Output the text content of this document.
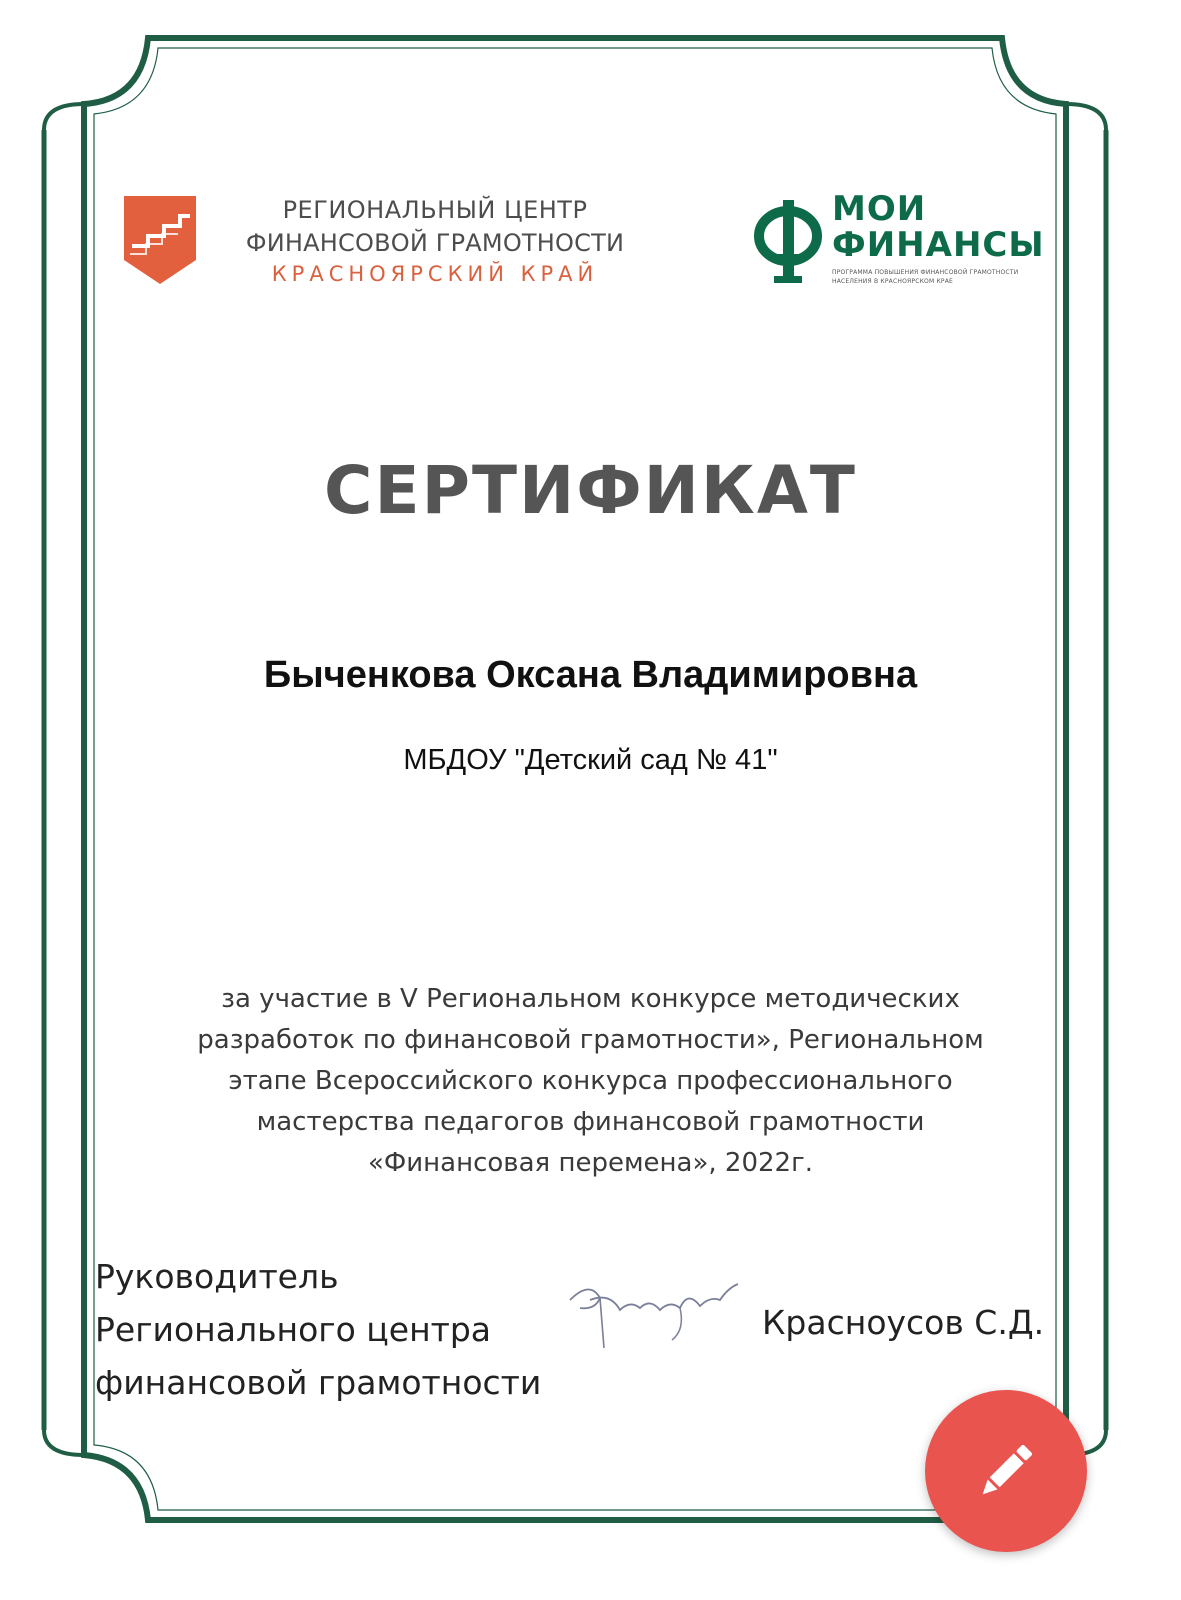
РЕГИОНАЛЬНЫЙ ЦЕНТР
ФИНАНСОВОЙ ГРАМОТНОСТИ
КРАСНОЯРСКИЙ КРАЙ
МОИ
ФИНАНСЫ
ПРОГРАММА ПОВЫШЕНИЯ ФИНАНСОВОЙ ГРАМОТНОСТИ
НАСЕЛЕНИЯ В КРАСНОЯРСКОМ КРАЕ
СЕРТИФИКАТ
Быченкова Оксана Владимировна
МБДОУ "Детский сад № 41"
за участие в V Региональном конкурсе методических
разработок по финансовой грамотности», Региональном
этапе Всероссийского конкурса профессионального
мастерства педагогов финансовой грамотности
«Финансовая перемена», 2022г.
Руководитель
Регионального центра
финансовой грамотности
Красноусов С.Д.
